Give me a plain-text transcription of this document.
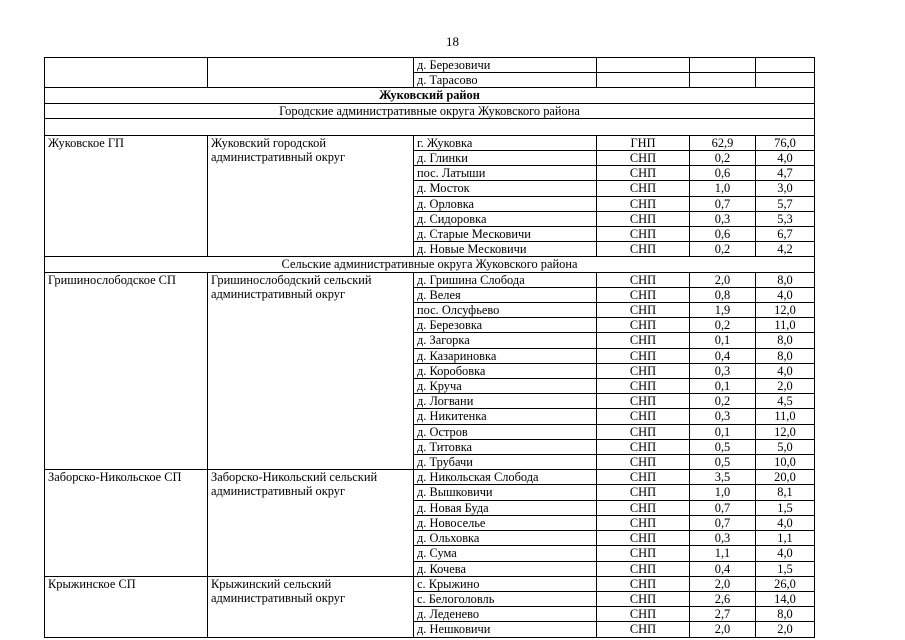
18
		д. Березовичи			
		д. Тарасово			
Жуковский район					
Городские административные округа Жуковского района					

Жуковское ГП	Жуковский городской административный округ	г. Жуковка	ГНП	62,9	76,0
		д. Глинки	СНП	0,2	4,0
		пос. Латыши	СНП	0,6	4,7
		д. Мосток	СНП	1,0	3,0
		д. Орловка	СНП	0,7	5,7
		д. Сидоровка	СНП	0,3	5,3
		д. Старые Месковичи	СНП	0,6	6,7
		д. Новые Месковичи	СНП	0,2	4,2
Сельские административные округа Жуковского района					
Гришинослободское СП	Гришинослободский сельский административный округ	д. Гришина Слобода	СНП	2,0	8,0
		д. Велея	СНП	0,8	4,0
		пос. Олсуфьево	СНП	1,9	12,0
		д. Березовка	СНП	0,2	11,0
		д. Загорка	СНП	0,1	8,0
		д. Казариновка	СНП	0,4	8,0
		д. Коробовка	СНП	0,3	4,0
		д. Круча	СНП	0,1	2,0
		д. Логвани	СНП	0,2	4,5
		д. Никитенка	СНП	0,3	11,0
		д. Остров	СНП	0,1	12,0
		д. Титовка	СНП	0,5	5,0
		д. Трубачи	СНП	0,5	10,0
Заборско-Никольское СП	Заборско-Никольский сельский административный округ	д. Никольская Слобода	СНП	3,5	20,0
		д. Вышковичи	СНП	1,0	8,1
		д. Новая Буда	СНП	0,7	1,5
		д. Новоселье	СНП	0,7	4,0
		д. Ольховка	СНП	0,3	1,1
		д. Сума	СНП	1,1	4,0
		д. Кочева	СНП	0,4	1,5
Крыжинское СП	Крыжинский сельский административный округ	с. Крыжино	СНП	2,0	26,0
		с. Белоголовль	СНП	2,6	14,0
		д. Леденево	СНП	2,7	8,0
		д. Нешковичи	СНП	2,0	2,0
